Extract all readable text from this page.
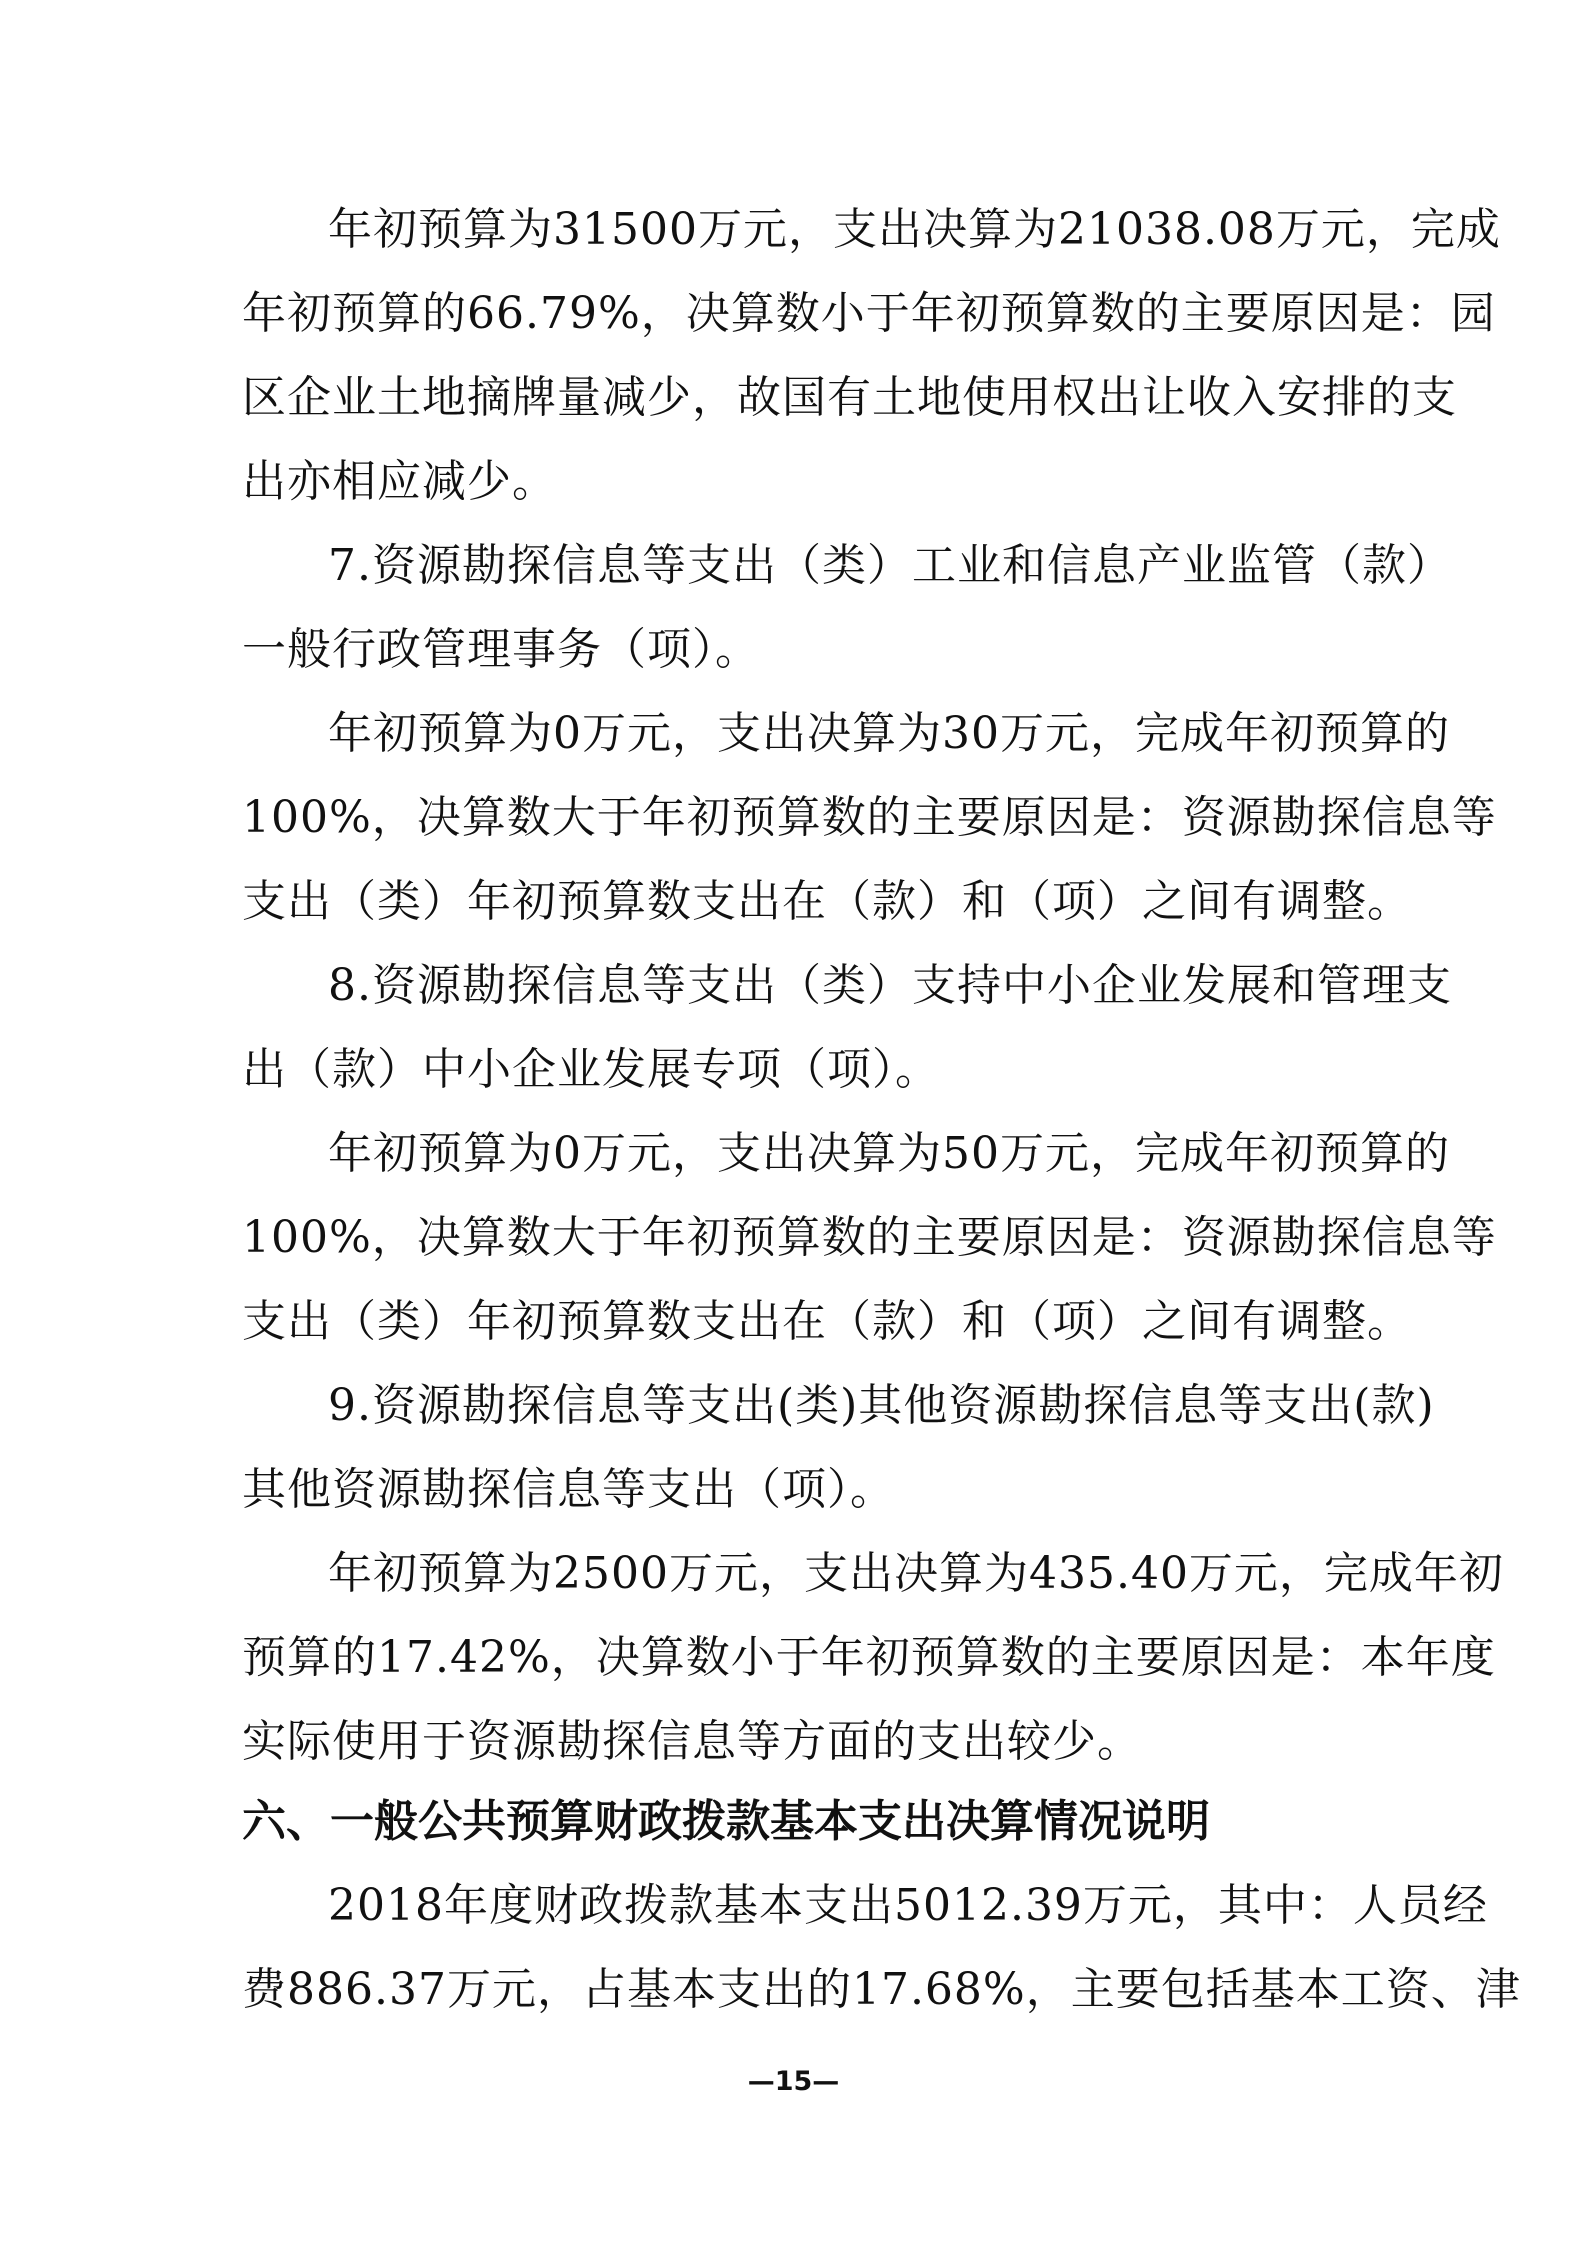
年初预算为31500万元，支出决算为21038.08万元，完成
年初预算的66.79%，决算数小于年初预算数的主要原因是：园
区企业土地摘牌量减少，故国有土地使用权出让收入安排的支
出亦相应减少。
7.资源勘探信息等支出（类）工业和信息产业监管（款）
一般行政管理事务（项）。
年初预算为0万元，支出决算为30万元，完成年初预算的
100%，决算数大于年初预算数的主要原因是：资源勘探信息等
支出（类）年初预算数支出在（款）和（项）之间有调整。
8.资源勘探信息等支出（类）支持中小企业发展和管理支
出（款）中小企业发展专项（项）。
年初预算为0万元，支出决算为50万元，完成年初预算的
100%，决算数大于年初预算数的主要原因是：资源勘探信息等
支出（类）年初预算数支出在（款）和（项）之间有调整。
9.资源勘探信息等支出(类)其他资源勘探信息等支出(款)
其他资源勘探信息等支出（项）。
年初预算为2500万元，支出决算为435.40万元，完成年初
预算的17.42%，决算数小于年初预算数的主要原因是：本年度
实际使用于资源勘探信息等方面的支出较少。
六、一般公共预算财政拨款基本支出决算情况说明
2018年度财政拨款基本支出5012.39万元，其中：人员经
费886.37万元，占基本支出的17.68%，主要包括基本工资、津
—15—
